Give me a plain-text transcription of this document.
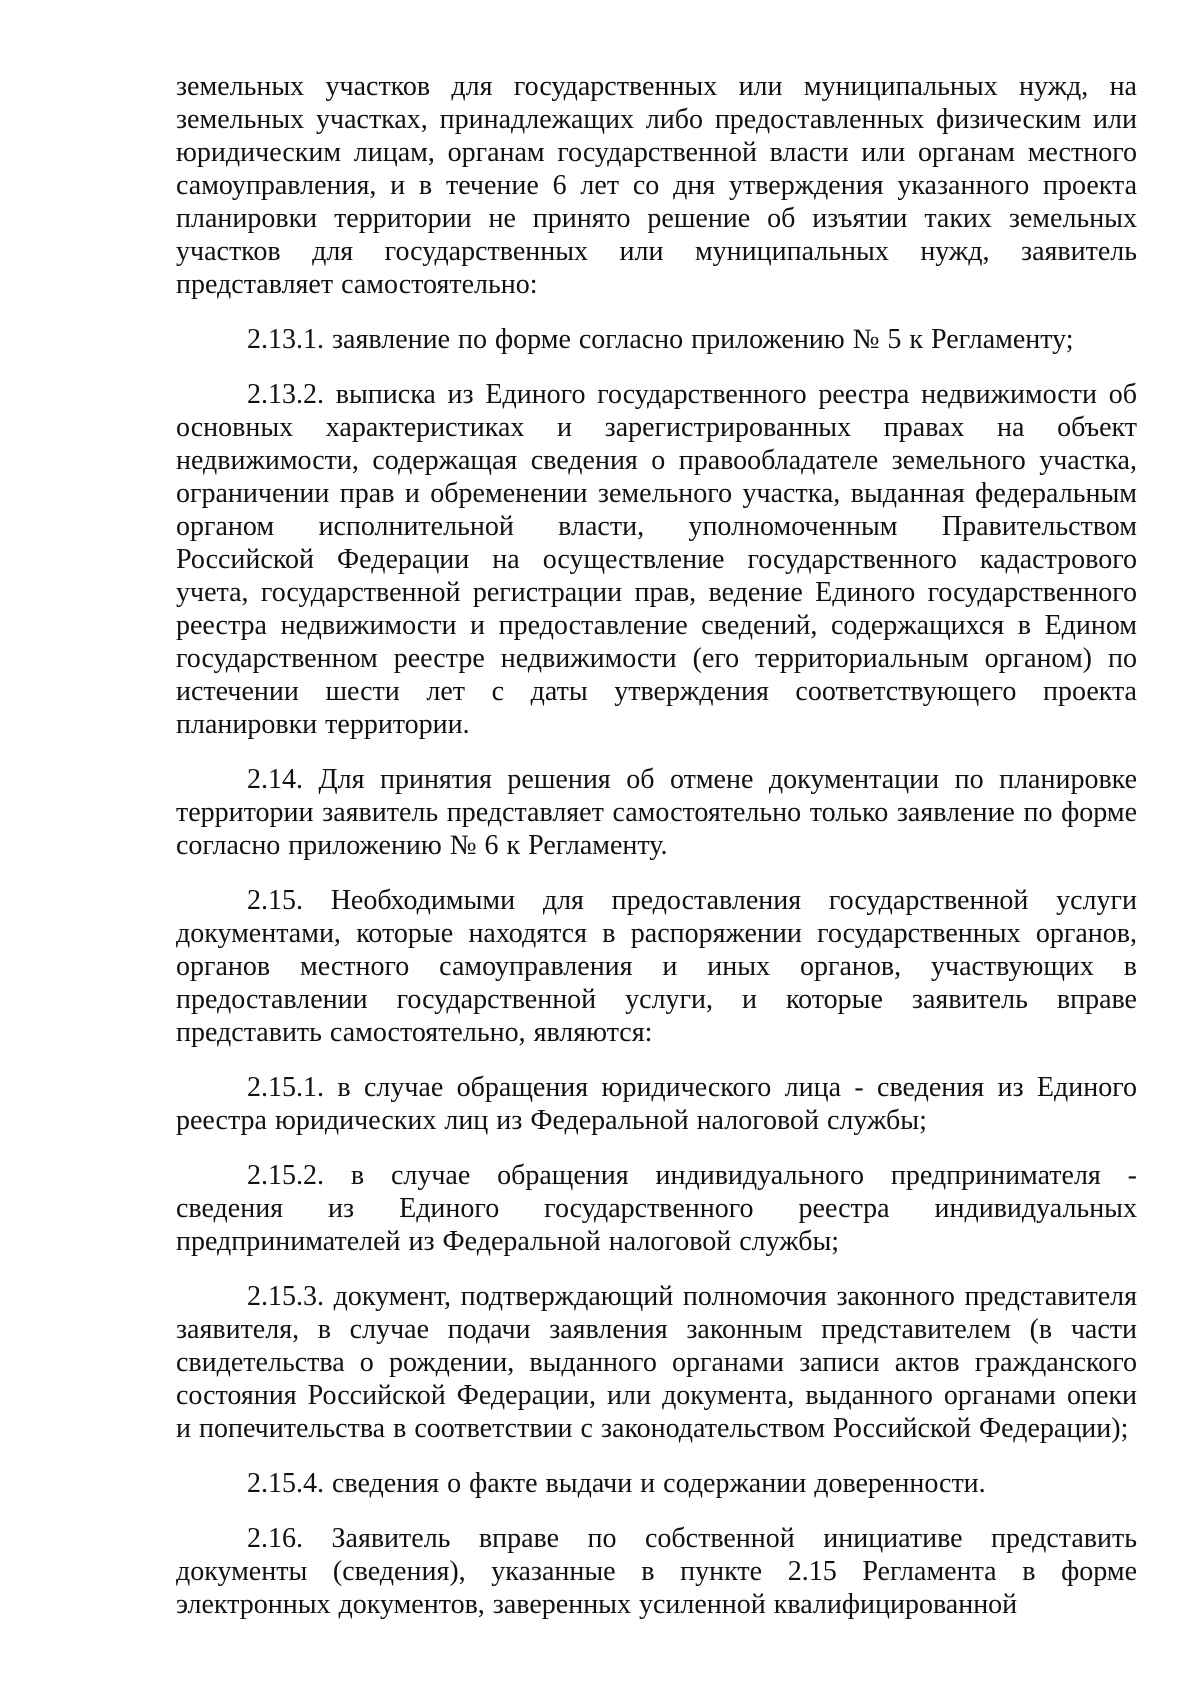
земельных участков для государственных или муниципальных нужд, на земельных участках, принадлежащих либо предоставленных физическим или юридическим лицам, органам государственной власти или органам местного самоуправления, и в течение 6 лет со дня утверждения указанного проекта планировки территории не принято решение об изъятии таких земельных участков для государственных или муниципальных нужд, заявитель представляет самостоятельно:

2.13.1. заявление по форме согласно приложению № 5 к Регламенту;

2.13.2. выписка из Единого государственного реестра недвижимости об основных характеристиках и зарегистрированных правах на объект недвижимости, содержащая сведения о правообладателе земельного участка, ограничении прав и обременении земельного участка, выданная федеральным органом исполнительной власти, уполномоченным Правительством Российской Федерации на осуществление государственного кадастрового учета, государственной регистрации прав, ведение Единого государственного реестра недвижимости и предоставление сведений, содержащихся в Едином государственном реестре недвижимости (его территориальным органом) по истечении шести лет с даты утверждения соответствующего проекта планировки территории.

2.14. Для принятия решения об отмене документации по планировке территории заявитель представляет самостоятельно только заявление по форме согласно приложению № 6 к Регламенту.

2.15. Необходимыми для предоставления государственной услуги документами, которые находятся в распоряжении государственных органов, органов местного самоуправления и иных органов, участвующих в предоставлении государственной услуги, и которые заявитель вправе представить самостоятельно, являются:

2.15.1. в случае обращения юридического лица - сведения из Единого реестра юридических лиц из Федеральной налоговой службы;

2.15.2. в случае обращения индивидуального предпринимателя - сведения из Единого государственного реестра индивидуальных предпринимателей из Федеральной налоговой службы;

2.15.3. документ, подтверждающий полномочия законного представителя заявителя, в случае подачи заявления законным представителем (в части свидетельства о рождении, выданного органами записи актов гражданского состояния Российской Федерации, или документа, выданного органами опеки и попечительства в соответствии с законодательством Российской Федерации);

2.15.4. сведения о факте выдачи и содержании доверенности.

2.16. Заявитель вправе по собственной инициативе представить документы (сведения), указанные в пункте 2.15 Регламента в форме электронных документов, заверенных усиленной квалифицированной
